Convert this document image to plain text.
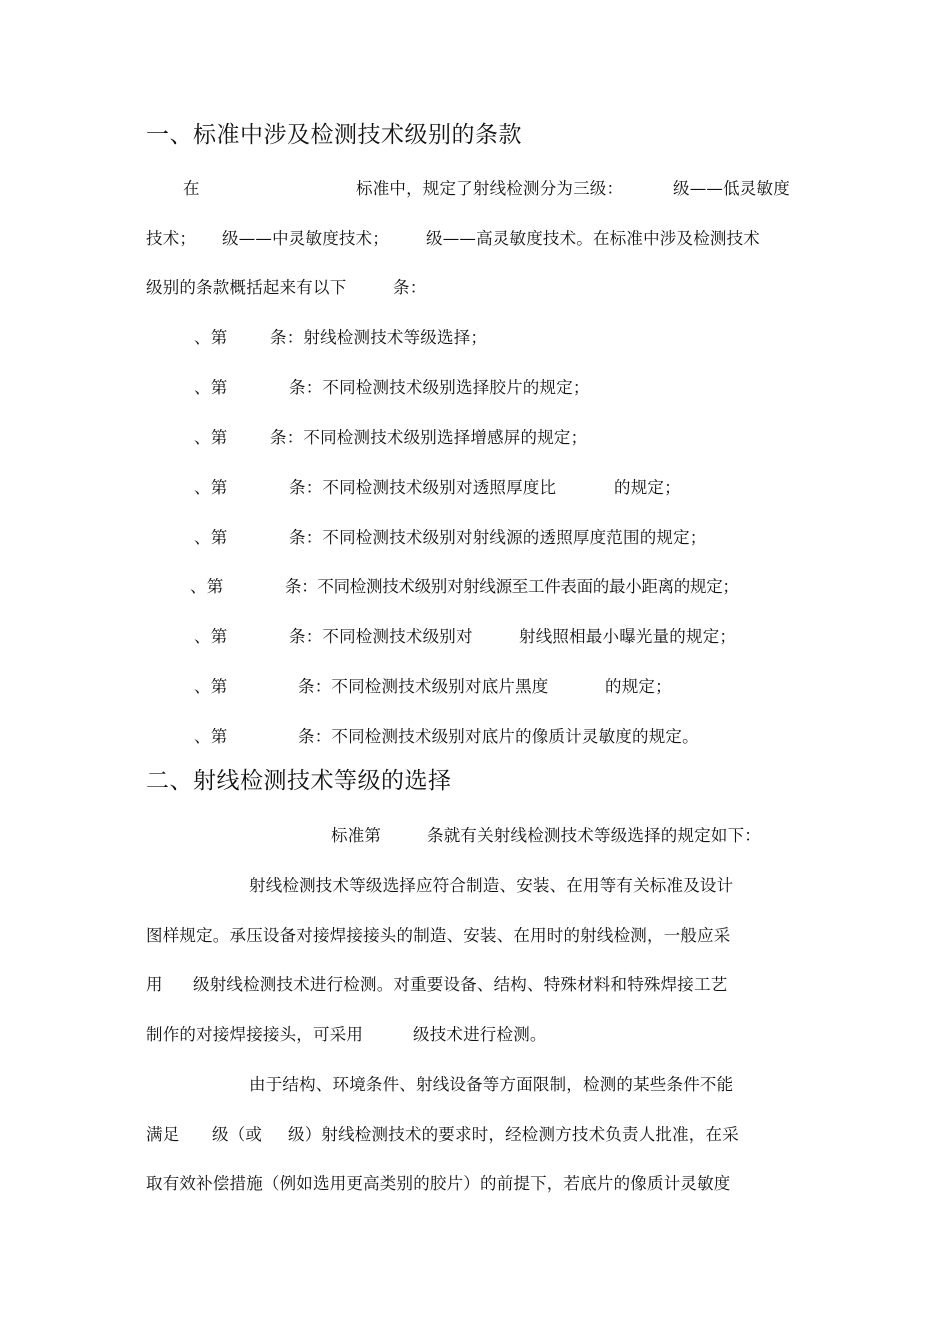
一、标准中涉及检测技术级别的条款
在	标准中，规定了射线检测分为三级：	级——低灵敏度
技术； 级——中灵敏度技术； 级——高灵敏度技术。在标准中涉及检测技术
级别的条款概括起来有以下	条：
、第	条：射线检测技术等级选择；
、第	条：不同检测技术级别选择胶片的规定；
、第	条：不同检测技术级别选择增感屏的规定；
、第	条：不同检测技术级别对透照厚度比	的规定；
、第	条：不同检测技术级别对射线源的透照厚度范围的规定；
、第	条：不同检测技术级别对射线源至工件表面的最小距离的规定；
、第	条：不同检测技术级别对	射线照相最小曝光量的规定；
、第	条：不同检测技术级别对底片黑度	的规定；
、第	条：不同检测技术级别对底片的像质计灵敏度的规定。
二、射线检测技术等级的选择
标准第	条就有关射线检测技术等级选择的规定如下：
射线检测技术等级选择应符合制造、安装、在用等有关标准及设计
图样规定。承压设备对接焊接接头的制造、安装、在用时的射线检测，一般应采
用 级射线检测技术进行检测。对重要设备、结构、特殊材料和特殊焊接工艺
制作的对接焊接接头，可采用	级技术进行检测。
由于结构、环境条件、射线设备等方面限制，检测的某些条件不能
满足 级（或 级）射线检测技术的要求时，经检测方技术负责人批准，在采
取有效补偿措施（例如选用更高类别的胶片）的前提下，若底片的像质计灵敏度
